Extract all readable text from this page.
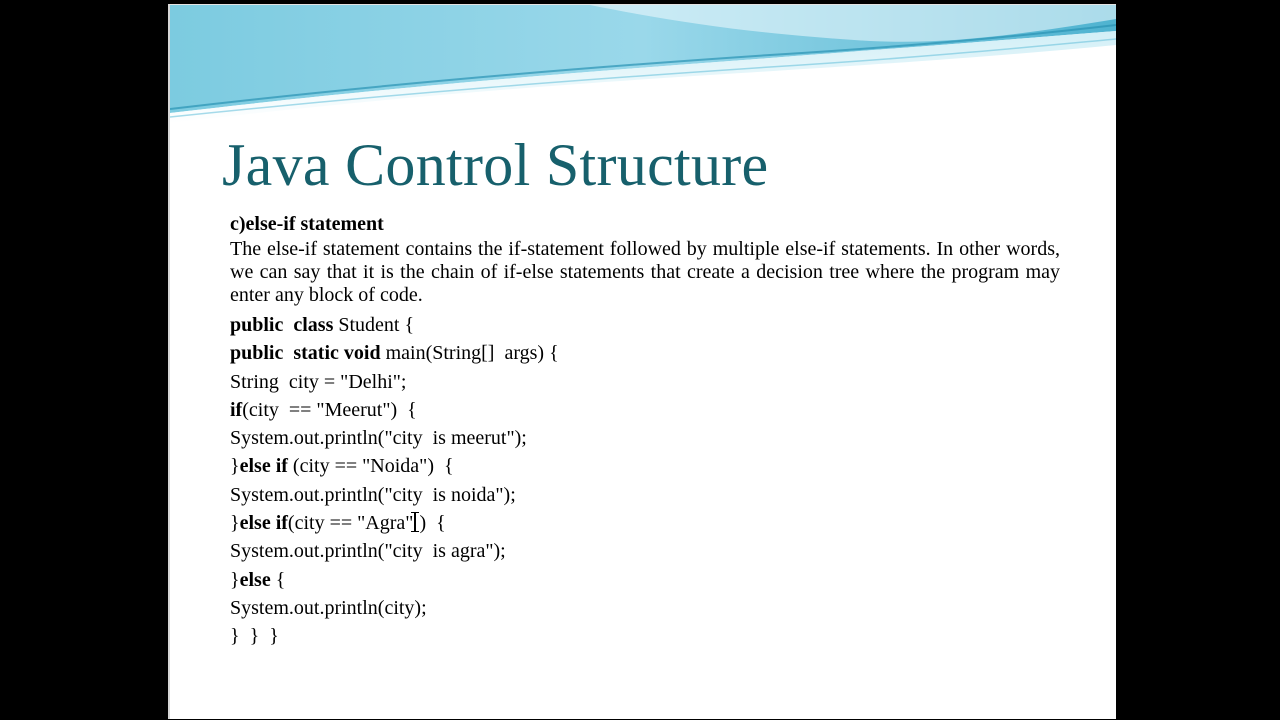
Java Control Structure

c)else-if statement

The else-if statement contains the if-statement followed by multiple else-if statements. In other words, we can say that it is the chain of if-else statements that create a decision tree where the program may enter any block of code.

public class Student {

public static void main(String[]  args) {

String  city = "Delhi";

if(city  == "Meerut")  {

System.out.println("city  is meerut");

}else if (city == "Noida")  {

System.out.println("city  is noida");

}else if(city == "Agra" )  {

System.out.println("city  is agra");

}else {

System.out.println(city);

}  }  }
